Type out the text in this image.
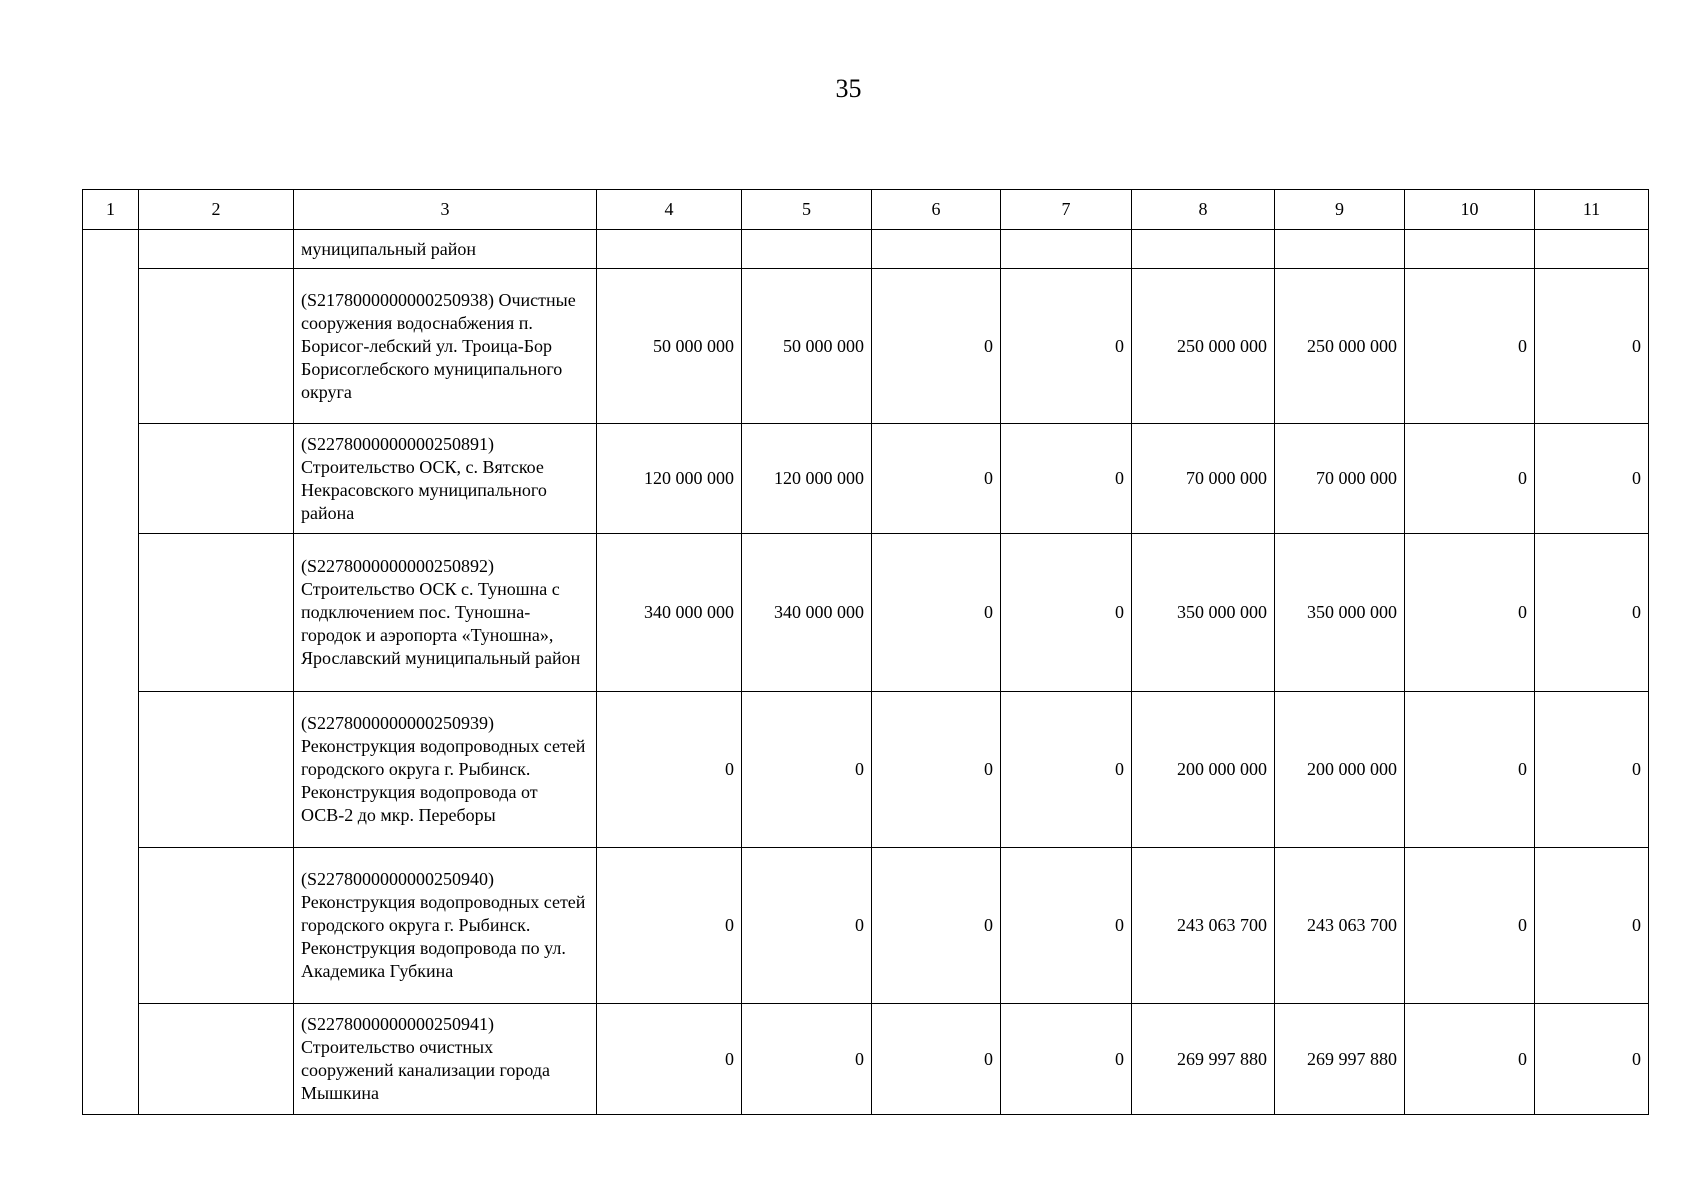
35
1	2	3	4	5	6	7	8	9	10	11
		муниципальный район								
		(S2178000000000250938) Очистные сооружения водоснабжения п. Борисог-лебский ул. Троица-Бор Борисоглебского муниципального округа	50 000 000	50 000 000	0	0	250 000 000	250 000 000	0	0
		(S2278000000000250891) Строительство ОСК, с. Вятское Некрасовского муниципального района	120 000 000	120 000 000	0	0	70 000 000	70 000 000	0	0
		(S2278000000000250892) Строительство ОСК с. Туношна с подключением пос. Туношна-городок и аэропорта «Туношна», Ярославский муниципальный район	340 000 000	340 000 000	0	0	350 000 000	350 000 000	0	0
		(S2278000000000250939) Реконструкция водопроводных сетей городского округа г. Рыбинск. Реконструкция водопровода от ОСВ-2 до мкр. Переборы	0	0	0	0	200 000 000	200 000 000	0	0
		(S2278000000000250940) Реконструкция водопроводных сетей городского округа г. Рыбинск. Реконструкция водопровода по ул. Академика Губкина	0	0	0	0	243 063 700	243 063 700	0	0
		(S2278000000000250941) Строительство очистных сооружений канализации города Мышкина	0	0	0	0	269 997 880	269 997 880	0	0
